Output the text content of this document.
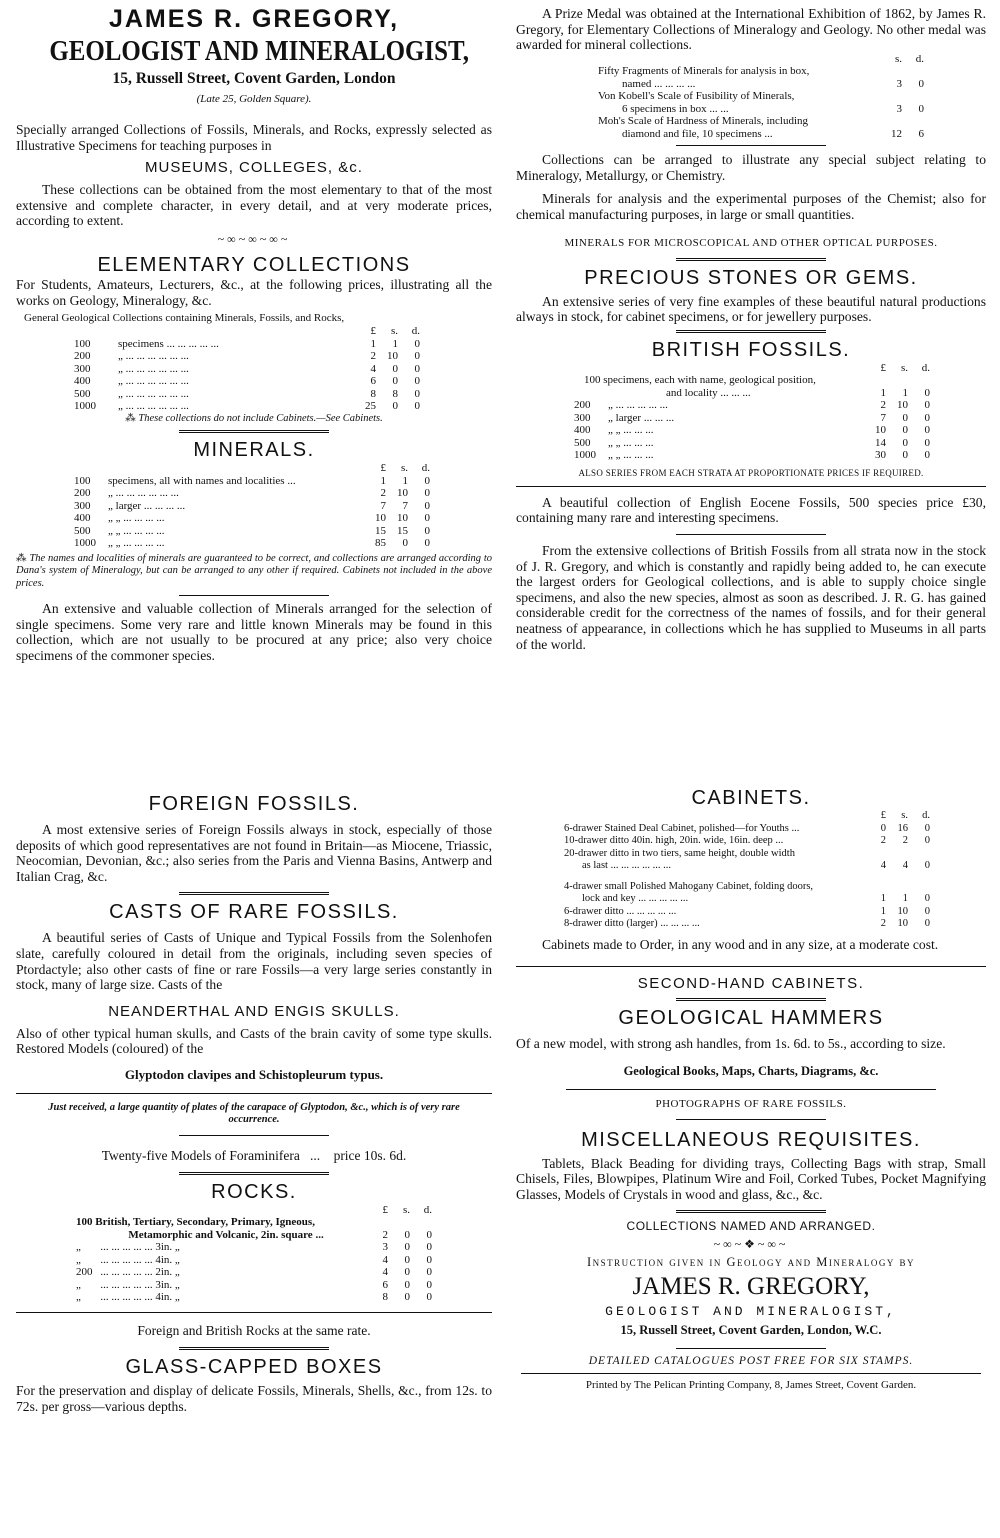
JAMES R. GREGORY,
GEOLOGIST AND MINERALOGIST,
15, Russell Street, Covent Garden, London
(Late 25, Golden Square).

Specially arranged Collections of Fossils, Minerals, and Rocks, expressly selected as Illustrative Specimens for teaching purposes in

MUSEUMS, COLLEGES, &c.

These collections can be obtained from the most elementary to that of the most extensive and complete character, in every detail, and at very moderate prices, according to extent.

~∞~∞~∞~
ELEMENTARY COLLECTIONS

For Students, Amateurs, Lecturers, &c., at the following prices, illustrating all the works on Geology, Mineralogy, &c.

General Geological Collections containing Minerals, Fossils, and Rocks,
		£	s.	d.
100	specimens ... ... ... ... ...	1	1	0
200	„ ... ... ... ... ... ...	2	10	0
300	„ ... ... ... ... ... ...	4	0	0
400	„ ... ... ... ... ... ...	6	0	0
500	„ ... ... ... ... ... ...	8	8	0
1000	„ ... ... ... ... ... ...	25	0	0
⁂ These collections do not include Cabinets.—See Cabinets.
MINERALS.
		£	s.	d.
100	specimens, all with names and localities ...	1	1	0
200	„ ... ... ... ... ... ...	2	10	0
300	„ larger ... ... ... ...	7	7	0
400	„ „ ... ... ... ...	10	10	0
500	„ „ ... ... ... ...	15	15	0
1000	„ „ ... ... ... ...	85	0	0
⁂ The names and localities of minerals are guaranteed to be correct, and collections are arranged according to Dana's system of Mineralogy, but can be arranged to any other if required. Cabinets not included in the above prices.

An extensive and valuable collection of Minerals arranged for the selection of single specimens. Some very rare and little known Minerals may be found in this collection, which are not usually to be procured at any price; also very choice specimens of the commoner species.

FOREIGN FOSSILS.

A most extensive series of Foreign Fossils always in stock, especially of those deposits of which good representatives are not found in Britain—as Miocene, Triassic, Neocomian, Devonian, &c.; also series from the Paris and Vienna Basins, Antwerp and Italian Crag, &c.

CASTS OF RARE FOSSILS.

A beautiful series of Casts of Unique and Typical Fossils from the Solenhofen slate, carefully coloured in detail from the originals, including seven species of Ptordactyle; also other casts of fine or rare Fossils—a very large series constantly in stock, many of large size. Casts of the

NEANDERTHAL AND ENGIS SKULLS.

Also of other typical human skulls, and Casts of the brain cavity of some type skulls. Restored Models (coloured) of the

Glyptodon clavipes and Schistopleurum typus.
Just received, a large quantity of plates of the carapace of Glyptodon, &c., which is of very rare occurrence.
Twenty-five Models of Foraminifera ... price 10s. 6d.
ROCKS.
		£	s.	d.
100 British, Tertiary, Secondary, Primary, Igneous,				
	Metamorphic and Volcanic, 2in. square ...	2	0	0
„	... ... ... ... ... 3in. „	3	0	0
„	... ... ... ... ... 4in. „	4	0	0
200	... ... ... ... ... 2in. „	4	0	0
„	... ... ... ... ... 3in. „	6	0	0
„	... ... ... ... ... 4in. „	8	0	0
Foreign and British Rocks at the same rate.
GLASS-CAPPED BOXES

For the preservation and display of delicate Fossils, Minerals, Shells, &c., from 12s. to 72s. per gross—various depths.

A Prize Medal was obtained at the International Exhibition of 1862, by James R. Gregory, for Elementary Collections of Mineralogy and Geology. No other medal was awarded for mineral collections.

	s.	d.
Fifty Fragments of Minerals for analysis in box,		
named ... ... ... ...	3	0
Von Kobell's Scale of Fusibility of Minerals,		
6 specimens in box ... ...	3	0
Moh's Scale of Hardness of Minerals, including		
diamond and file, 10 specimens ...	12	6

Collections can be arranged to illustrate any special subject relating to Mineralogy, Metallurgy, or Chemistry.

Minerals for analysis and the experimental purposes of the Chemist; also for chemical manufacturing purposes, in large or small quantities.

MINERALS FOR MICROSCOPICAL AND OTHER OPTICAL PURPOSES.
PRECIOUS STONES OR GEMS.

An extensive series of very fine examples of these beautiful natural productions always in stock, for cabinet specimens, or for jewellery purposes.

BRITISH FOSSILS.
		£	s.	d.
100 specimens, each with name, geological position,				
	and locality ... ... ...	1	1	0
200	„ ... ... ... ... ...	2	10	0
300	„ larger ... ... ...	7	0	0
400	„ „ ... ... ...	10	0	0
500	„ „ ... ... ...	14	0	0
1000	„ „ ... ... ...	30	0	0
ALSO SERIES FROM EACH STRATA AT PROPORTIONATE PRICES IF REQUIRED.

A beautiful collection of English Eocene Fossils, 500 species price £30, containing many rare and interesting specimens.

From the extensive collections of British Fossils from all strata now in the stock of J. R. Gregory, and which is constantly and rapidly being added to, he can execute the largest orders for Geological collections, and is able to supply choice single specimens, and also the new species, almost as soon as described. J. R. G. has gained considerable credit for the correctness of the names of fossils, and for their general neatness of appearance, in collections which he has supplied to Museums in all parts of the world.

CABINETS.
	£	s.	d.
6-drawer Stained Deal Cabinet, polished—for Youths ...	0	16	0
10-drawer ditto 40in. high, 20in. wide, 16in. deep ...	2	2	0
20-drawer ditto in two tiers, same height, double width			
as last ... ... ... ... ... ...	4	4	0

4-drawer small Polished Mahogany Cabinet, folding doors,			
lock and key ... ... ... ... ...	1	1	0
6-drawer ditto ... ... ... ... ...	1	10	0
8-drawer ditto (larger) ... ... ... ...	2	10	0

Cabinets made to Order, in any wood and in any size, at a moderate cost.

SECOND-HAND CABINETS.
GEOLOGICAL HAMMERS

Of a new model, with strong ash handles, from 1s. 6d. to 5s., according to size.

Geological Books, Maps, Charts, Diagrams, &c.
PHOTOGRAPHS OF RARE FOSSILS.
MISCELLANEOUS REQUISITES.

Tablets, Black Beading for dividing trays, Collecting Bags with strap, Small Chisels, Files, Blowpipes, Platinum Wire and Foil, Corked Tubes, Pocket Magnifying Glasses, Models of Crystals in wood and glass, &c., &c.

COLLECTIONS NAMED AND ARRANGED.
~∞~❖~∞~
Instruction given in Geology and Mineralogy by
JAMES R. GREGORY,
GEOLOGIST AND MINERALOGIST,
15, Russell Street, Covent Garden, London, W.C.
DETAILED CATALOGUES POST FREE FOR SIX STAMPS.
Printed by The Pelican Printing Company, 8, James Street, Covent Garden.
